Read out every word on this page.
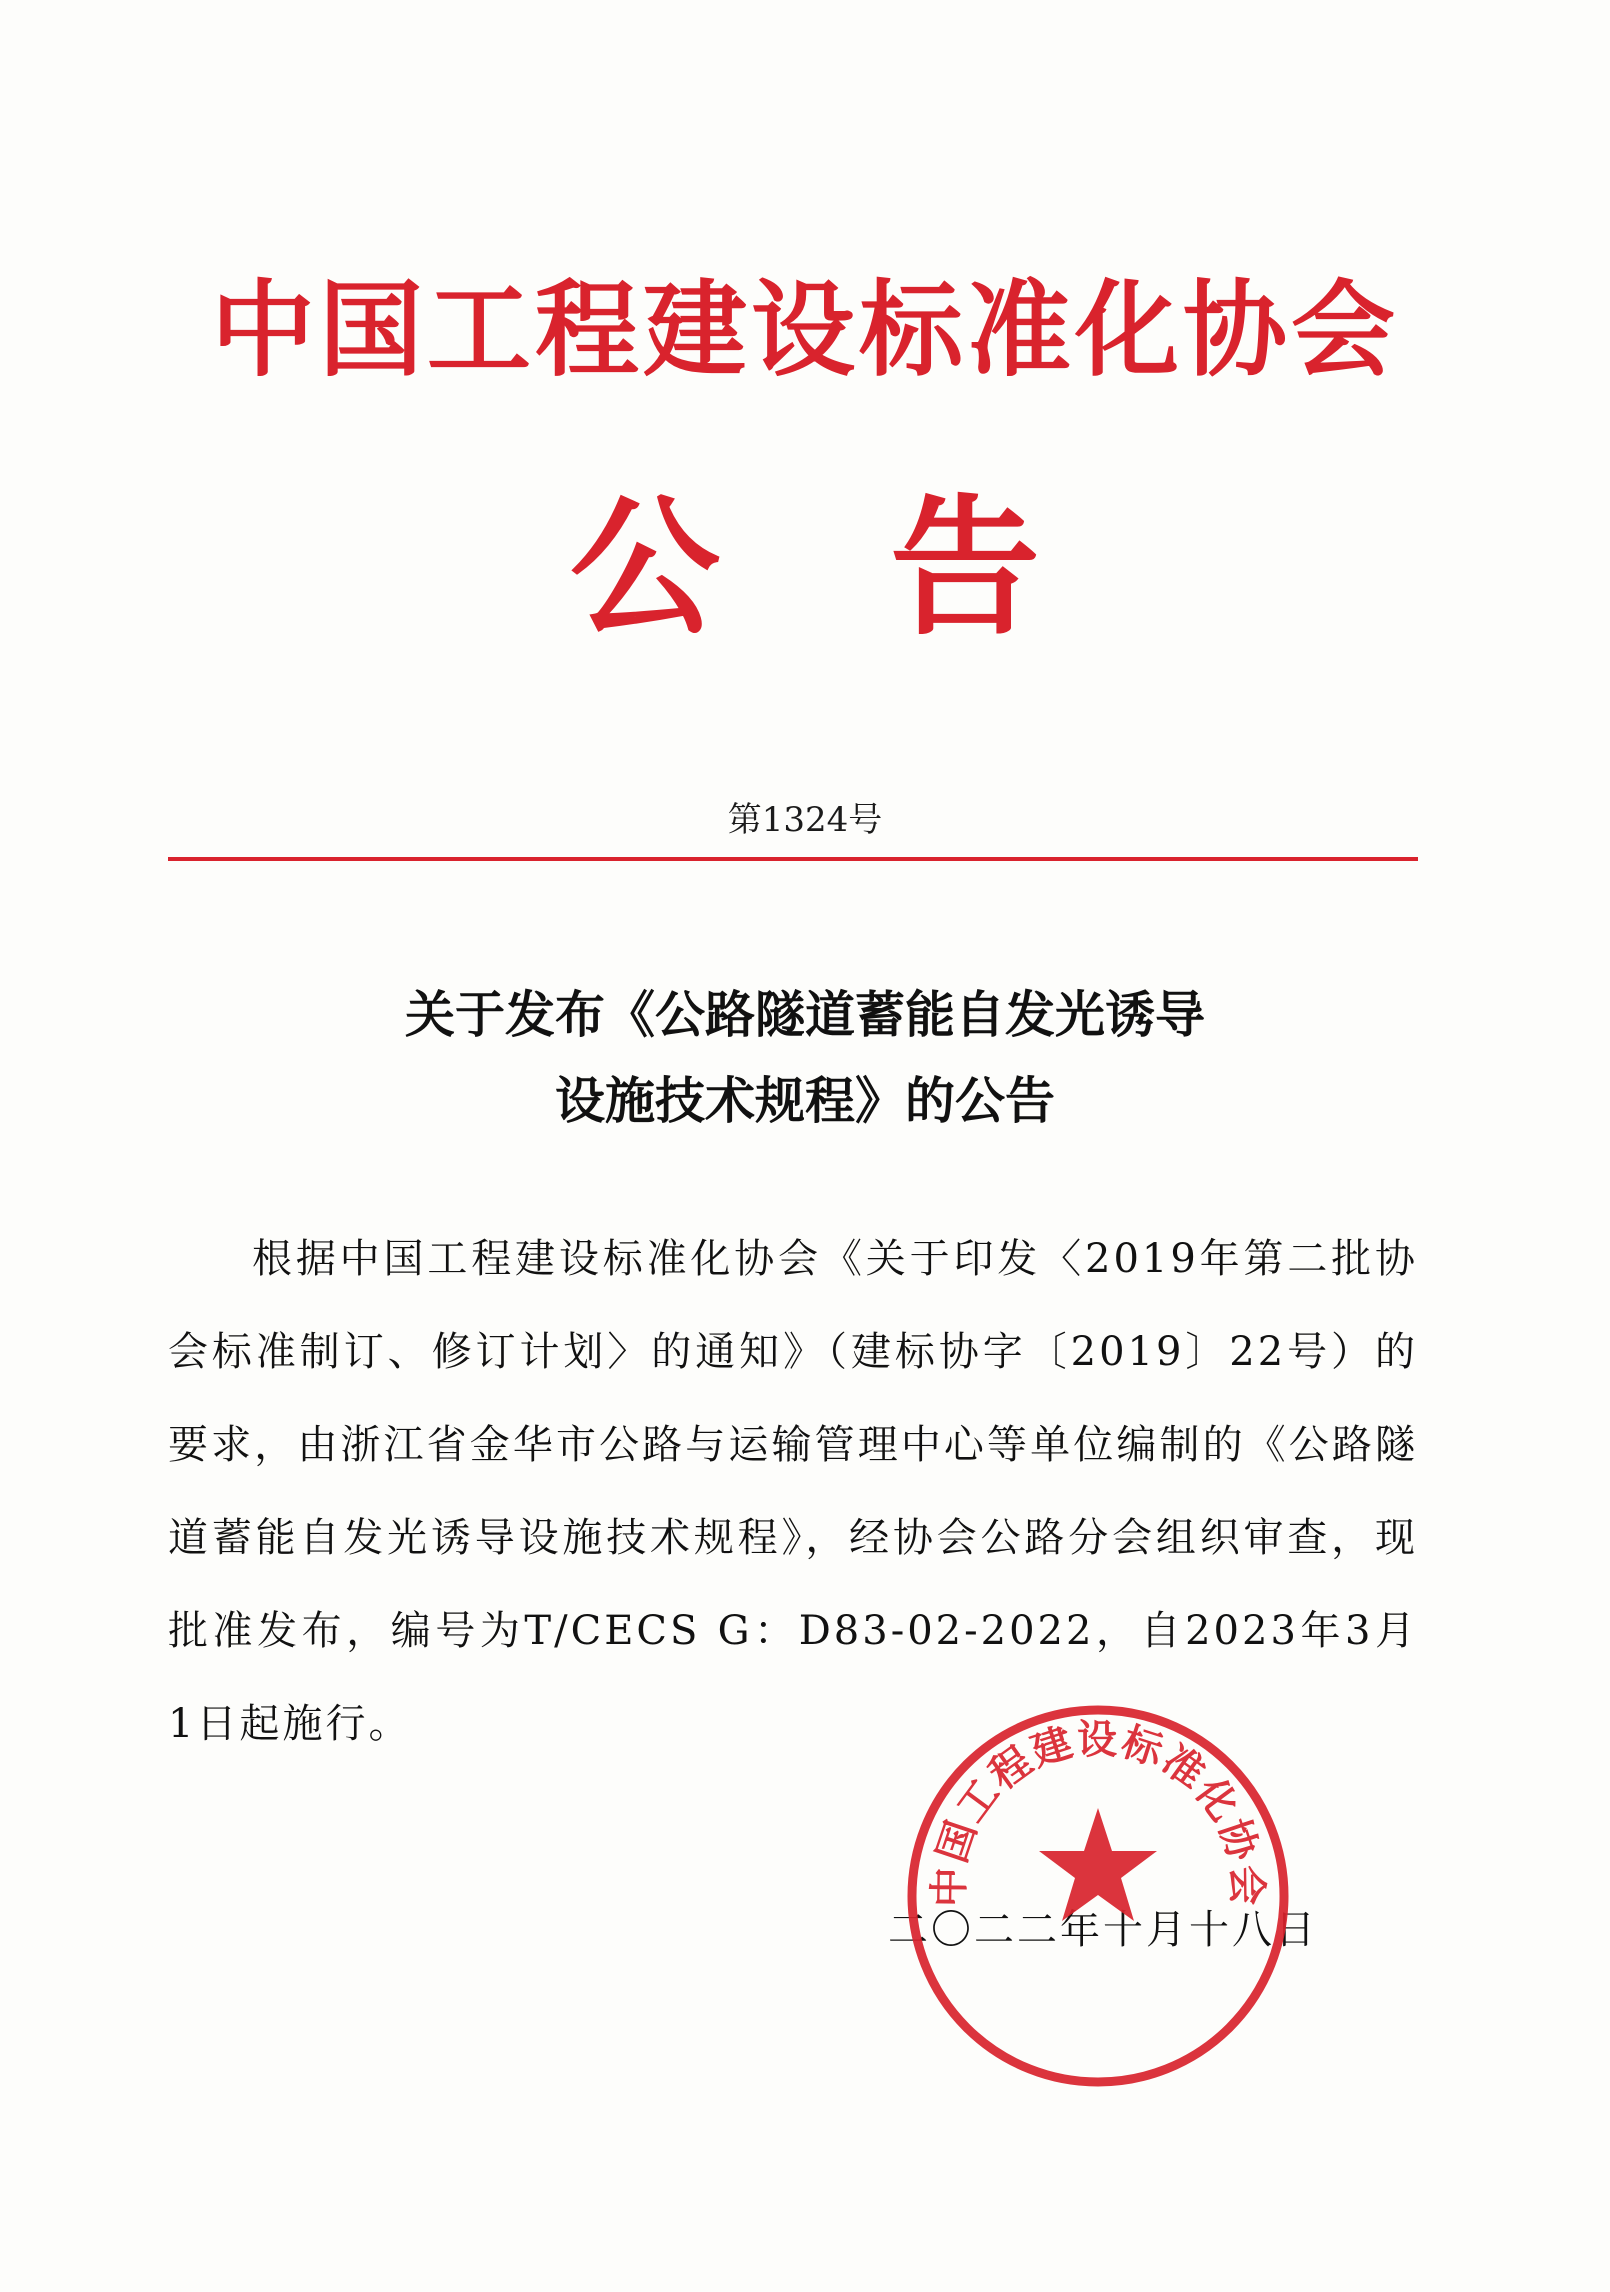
中国工程建设标准化协会
公 告
第1324号
关于发布《公路隧道蓄能自发光诱导
设施技术规程》的公告
根据中国工程建设标准化协会《关于印发〈2019年第二批协会标准制订、修订计划〉的通知》（建标协字〔2019〕22号）的要求，由浙江省金华市公路与运输管理中心等单位编制的《公路隧道蓄能自发光诱导设施技术规程》，经协会公路分会组织审查，现批准发布，编号为T/CECS G：D83-02-2022，自2023年3月1日起施行。
二〇二二年十月十八日
中国工程建设标准化协会
